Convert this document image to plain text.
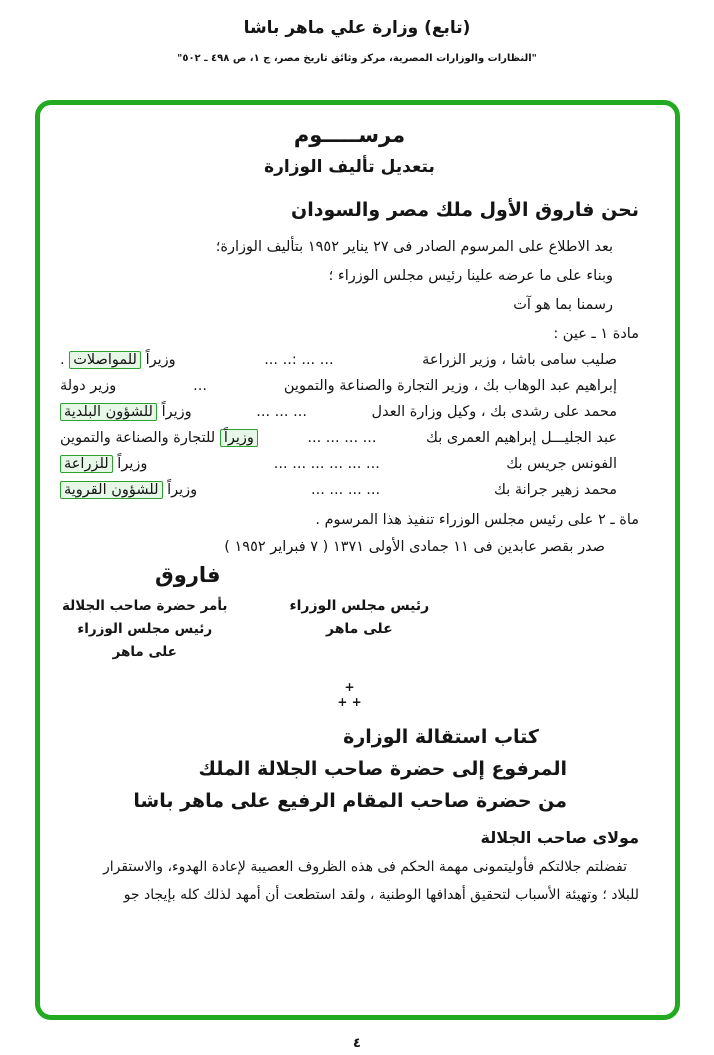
(تابع) وزارة علي ماهر باشا
"النظارات والوزارات المصرية، مركز وثائق تاريخ مصر، ج ١، ص ٤٩٨ ـ ٥٠٢"
مرســـــوم
بتعديل تأليف الوزارة
نحن فاروق الأول ملك مصر والسودان
بعد الاطلاع على المرسوم الصادر فى ٢٧ يناير ١٩٥٢ بتأليف الوزارة؛
وبناء على ما عرضه علينا رئيس مجلس الوزراء ؛
رسمنا بما هو آت
مادة ١ ـ عين :
صليب سامى باشا ، وزير الزراعة
... ... :.. ...
وزيراً للمواصلات .
إبراهيم عبد الوهاب بك ، وزير التجارة والصناعة والتموين
...
وزير دولة
محمد على رشدى بك ، وكيل وزارة العدل
... ... ...
وزيراً للشؤون البلدية
عبد الجليـــل إبراهيم العمرى بك
... ... ... ...
وزيراً للتجارة والصناعة والتموين
الفونس جريس بك
... ... ... ... ... ...
وزيراً للزراعة
محمد زهير جرانة بك
... ... ... ...
وزيراً للشؤون القروية
ماة ـ ٢ على رئيس مجلس الوزراء تنفيذ هذا المرسوم .
صدر بقصر عابدين فى ١١ جمادى الأولى ١٣٧١ ( ٧ فبراير ١٩٥٢ )
فاروق
بأمر حضرة صاحب الجلالة
رئيس مجلس الوزراء
على ماهر
رئيس مجلس الوزراء
على ماهر
+
+ +
كتاب استقالة الوزارة
المرفوع إلى حضرة صاحب الجلالة الملك
من حضرة صاحب المقام الرفيع على ماهر باشا
مولاى صاحب الجلالة
تفضلتم جلالتكم فأوليتمونى مهمة الحكم فى هذه الظروف العصيبة لإعادة الهدوء، والاستقرار
للبلاد ؛ وتهيئة الأسباب لتحقيق أهدافها الوطنية ، ولقد استطعت أن أمهد لذلك كله بإيجاد جو
٤
